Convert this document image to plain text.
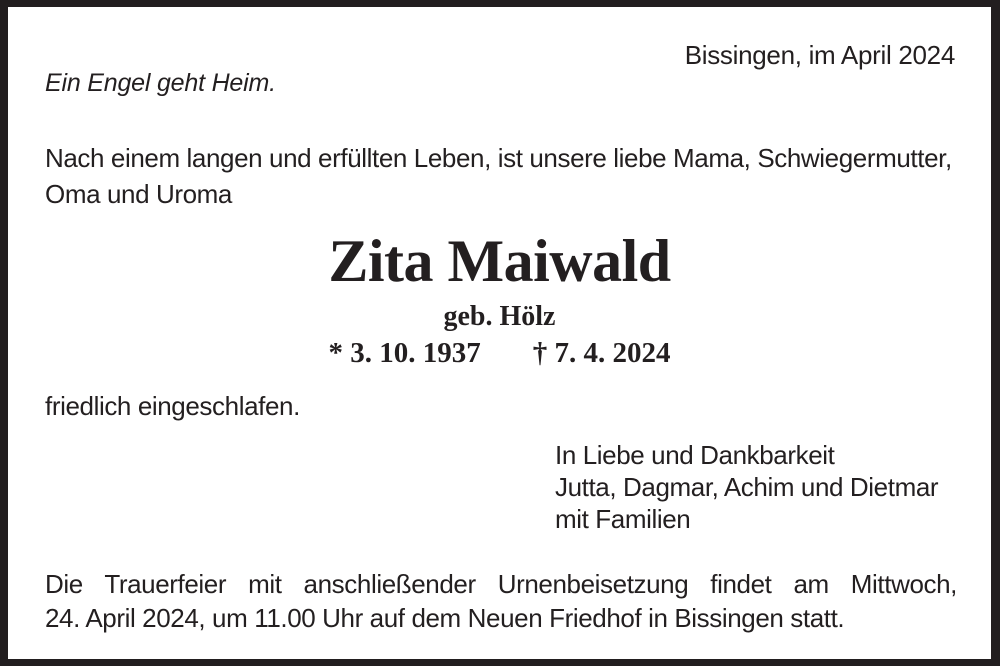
Bissingen, im April 2024
Ein Engel geht Heim.
Nach einem langen und erfüllten Leben, ist unsere liebe Mama, Schwiegermutter,
Oma und Uroma
Zita Maiwald
geb. Hölz
* 3. 10. 1937 † 7. 4. 2024
friedlich eingeschlafen.
In Liebe und Dankbarkeit
Jutta, Dagmar, Achim und Dietmar
mit Familien
Die Trauerfeier mit anschließender Urnenbeisetzung findet am Mittwoch,
24. April 2024, um 11.00 Uhr auf dem Neuen Friedhof in Bissingen statt.
